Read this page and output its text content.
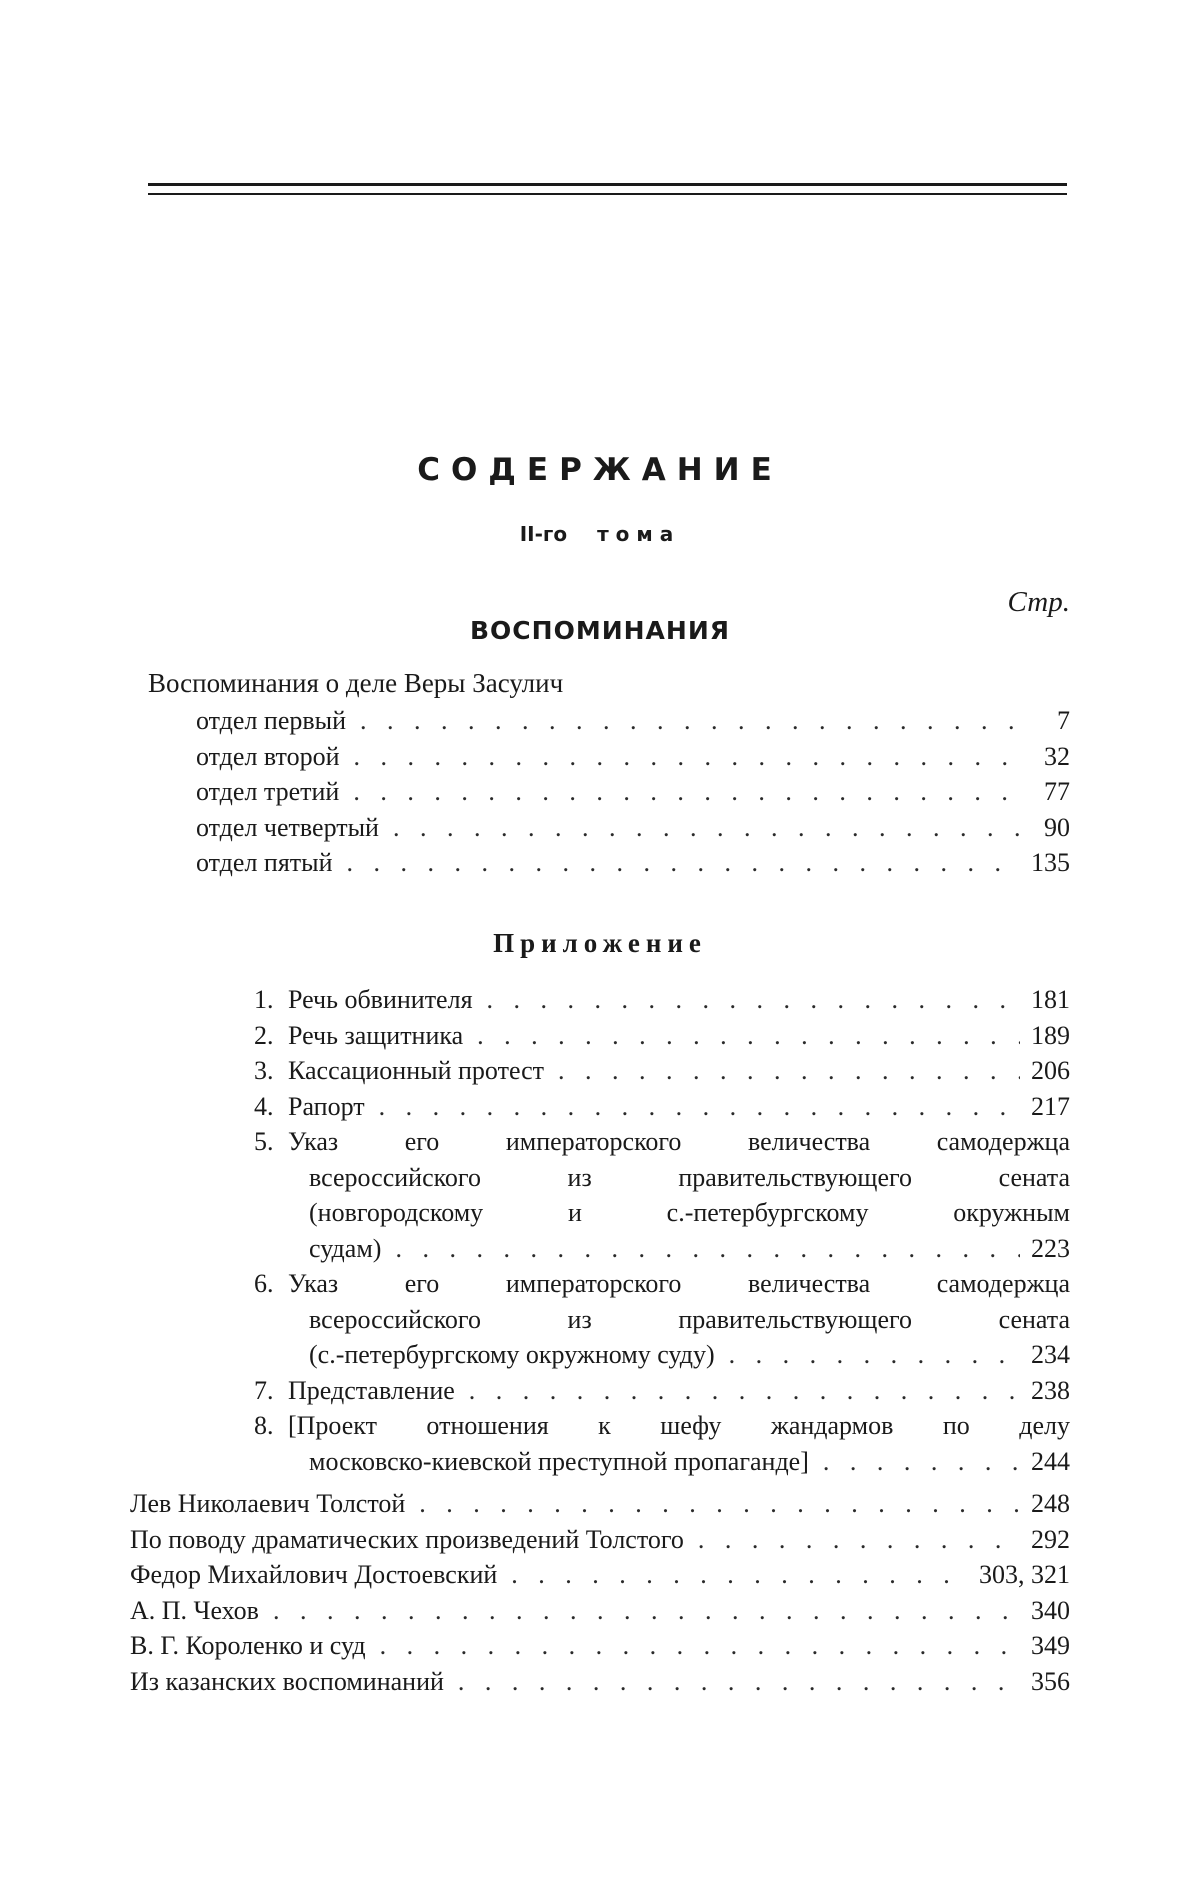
СОДЕРЖАНИЕ
II-го тома
Стр.
ВОСПОМИНАНИЯ
Воспоминания о деле Веры Засулич
отдел первый . . .	7
отдел второй . . .	32
отдел третий . . .	77
отдел четвертый . . .	90
отдел пятый . . .	135
Приложение
1. Речь обвинителя . . .	181
2. Речь защитника . . .	189
3. Кассационный протест . . .	206
4. Рапорт . . .	217
5. Указ его императорского величества самодержца
всероссийского из правительствующего сената
(новгородскому и с.-петербургскому окружным
судам) . . .	223
6. Указ его императорского величества самодержца
всероссийского из правительствующего сената
(с.-петербургскому окружному суду) . . .	234
7. Представление . . .	238
8. [Проект отношения к шефу жандармов по делу
московско-киевской преступной пропаганде] . . .	244
Лев Николаевич Толстой . . .	248
По поводу драматических произведений Толстого . . .	292
Федор Михайлович Достоевский . . .	303, 321
А. П. Чехов . . .	340
В. Г. Короленко и суд . . .	349
Из казанских воспоминаний . . .	356
